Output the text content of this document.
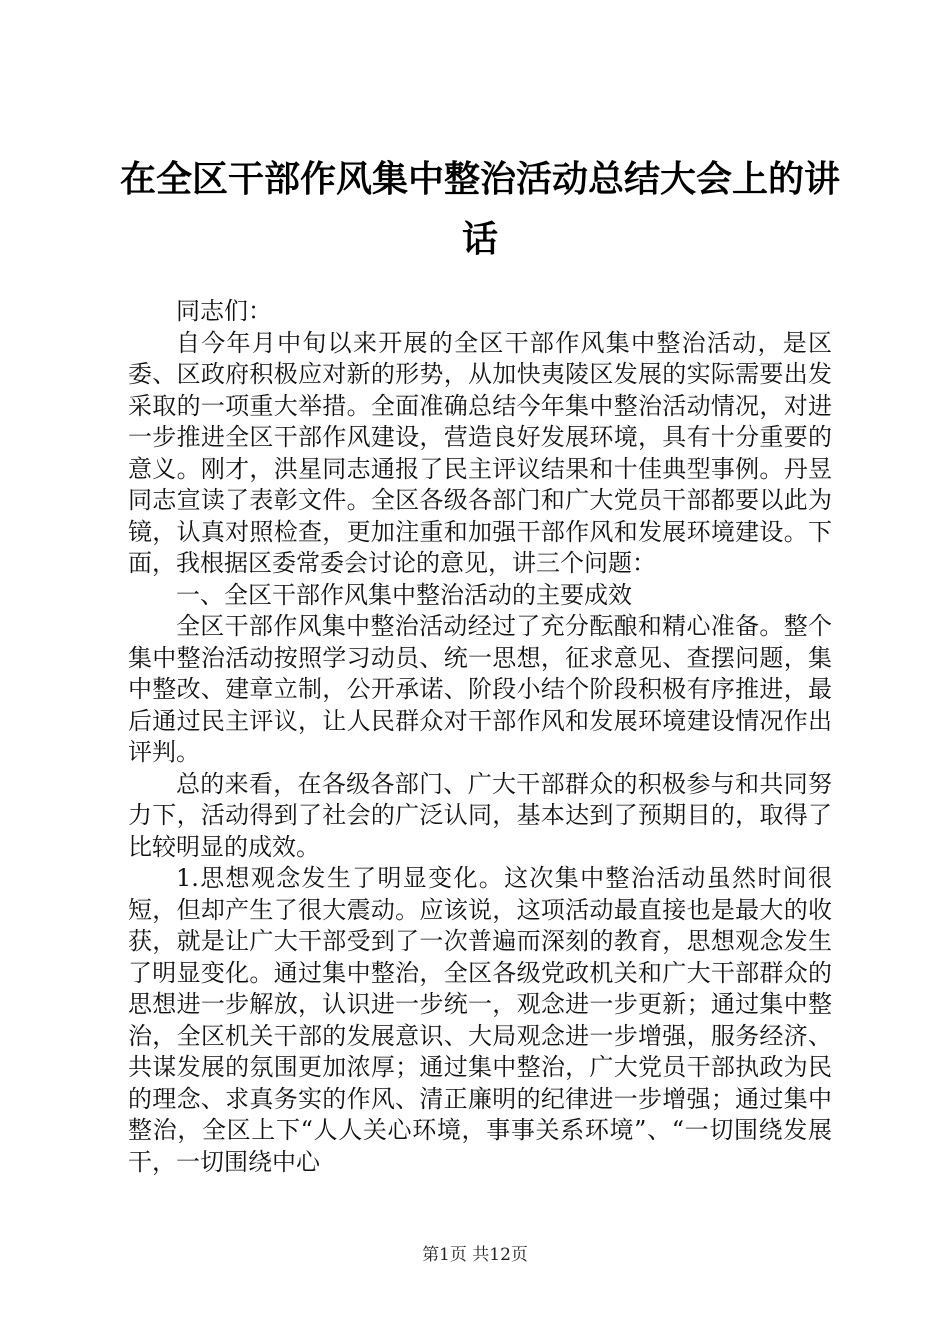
在全区干部作风集中整治活动总结大会上的讲话

同志们：

自今年月中旬以来开展的全区干部作风集中整治活动，是区委、区政府积极应对新的形势，从加快夷陵区发展的实际需要出发采取的一项重大举措。全面准确总结今年集中整治活动情况，对进一步推进全区干部作风建设，营造良好发展环境，具有十分重要的意义。刚才，洪星同志通报了民主评议结果和十佳典型事例。丹昱同志宣读了表彰文件。全区各级各部门和广大党员干部都要以此为镜，认真对照检查，更加注重和加强干部作风和发展环境建设。下面，我根据区委常委会讨论的意见，讲三个问题：

一、全区干部作风集中整治活动的主要成效

全区干部作风集中整治活动经过了充分酝酿和精心准备。整个集中整治活动按照学习动员、统一思想，征求意见、查摆问题，集中整改、建章立制，公开承诺、阶段小结个阶段积极有序推进，最后通过民主评议，让人民群众对干部作风和发展环境建设情况作出评判。

总的来看，在各级各部门、广大干部群众的积极参与和共同努力下，活动得到了社会的广泛认同，基本达到了预期目的，取得了比较明显的成效。

1.思想观念发生了明显变化。这次集中整治活动虽然时间很短，但却产生了很大震动。应该说，这项活动最直接也是最大的收获，就是让广大干部受到了一次普遍而深刻的教育，思想观念发生了明显变化。通过集中整治，全区各级党政机关和广大干部群众的思想进一步解放，认识进一步统一，观念进一步更新；通过集中整治，全区机关干部的发展意识、大局观念进一步增强，服务经济、共谋发展的氛围更加浓厚；通过集中整治，广大党员干部执政为民的理念、求真务实的作风、清正廉明的纪律进一步增强；通过集中整治，全区上下“人人关心环境，事事关系环境”、“一切围绕发展干，一切围绕中心

第1页 共12页
